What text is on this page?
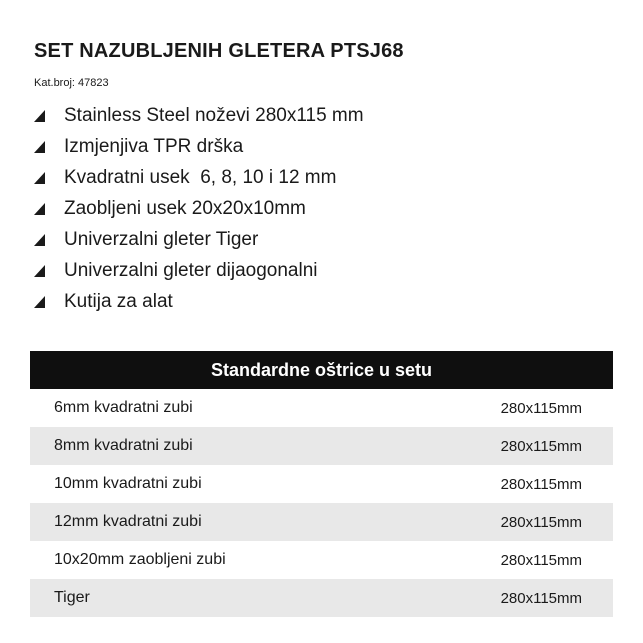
SET NAZUBLJENIH GLETERA PTSJ68
Kat.broj: 47823
Stainless Steel noževi 280x115 mm
Izmjenjiva TPR drška
Kvadratni usek  6, 8, 10 i 12 mm
Zaobljeni usek 20x20x10mm
Univerzalni gleter Tiger
Univerzalni gleter dijaogonalni
Kutija za alat
Standardne oštrice u setu
6mm kvadratni zubi	280x115mm
8mm kvadratni zubi	280x115mm
10mm kvadratni zubi	280x115mm
12mm kvadratni zubi	280x115mm
10x20mm zaobljeni zubi	280x115mm
Tiger	280x115mm
